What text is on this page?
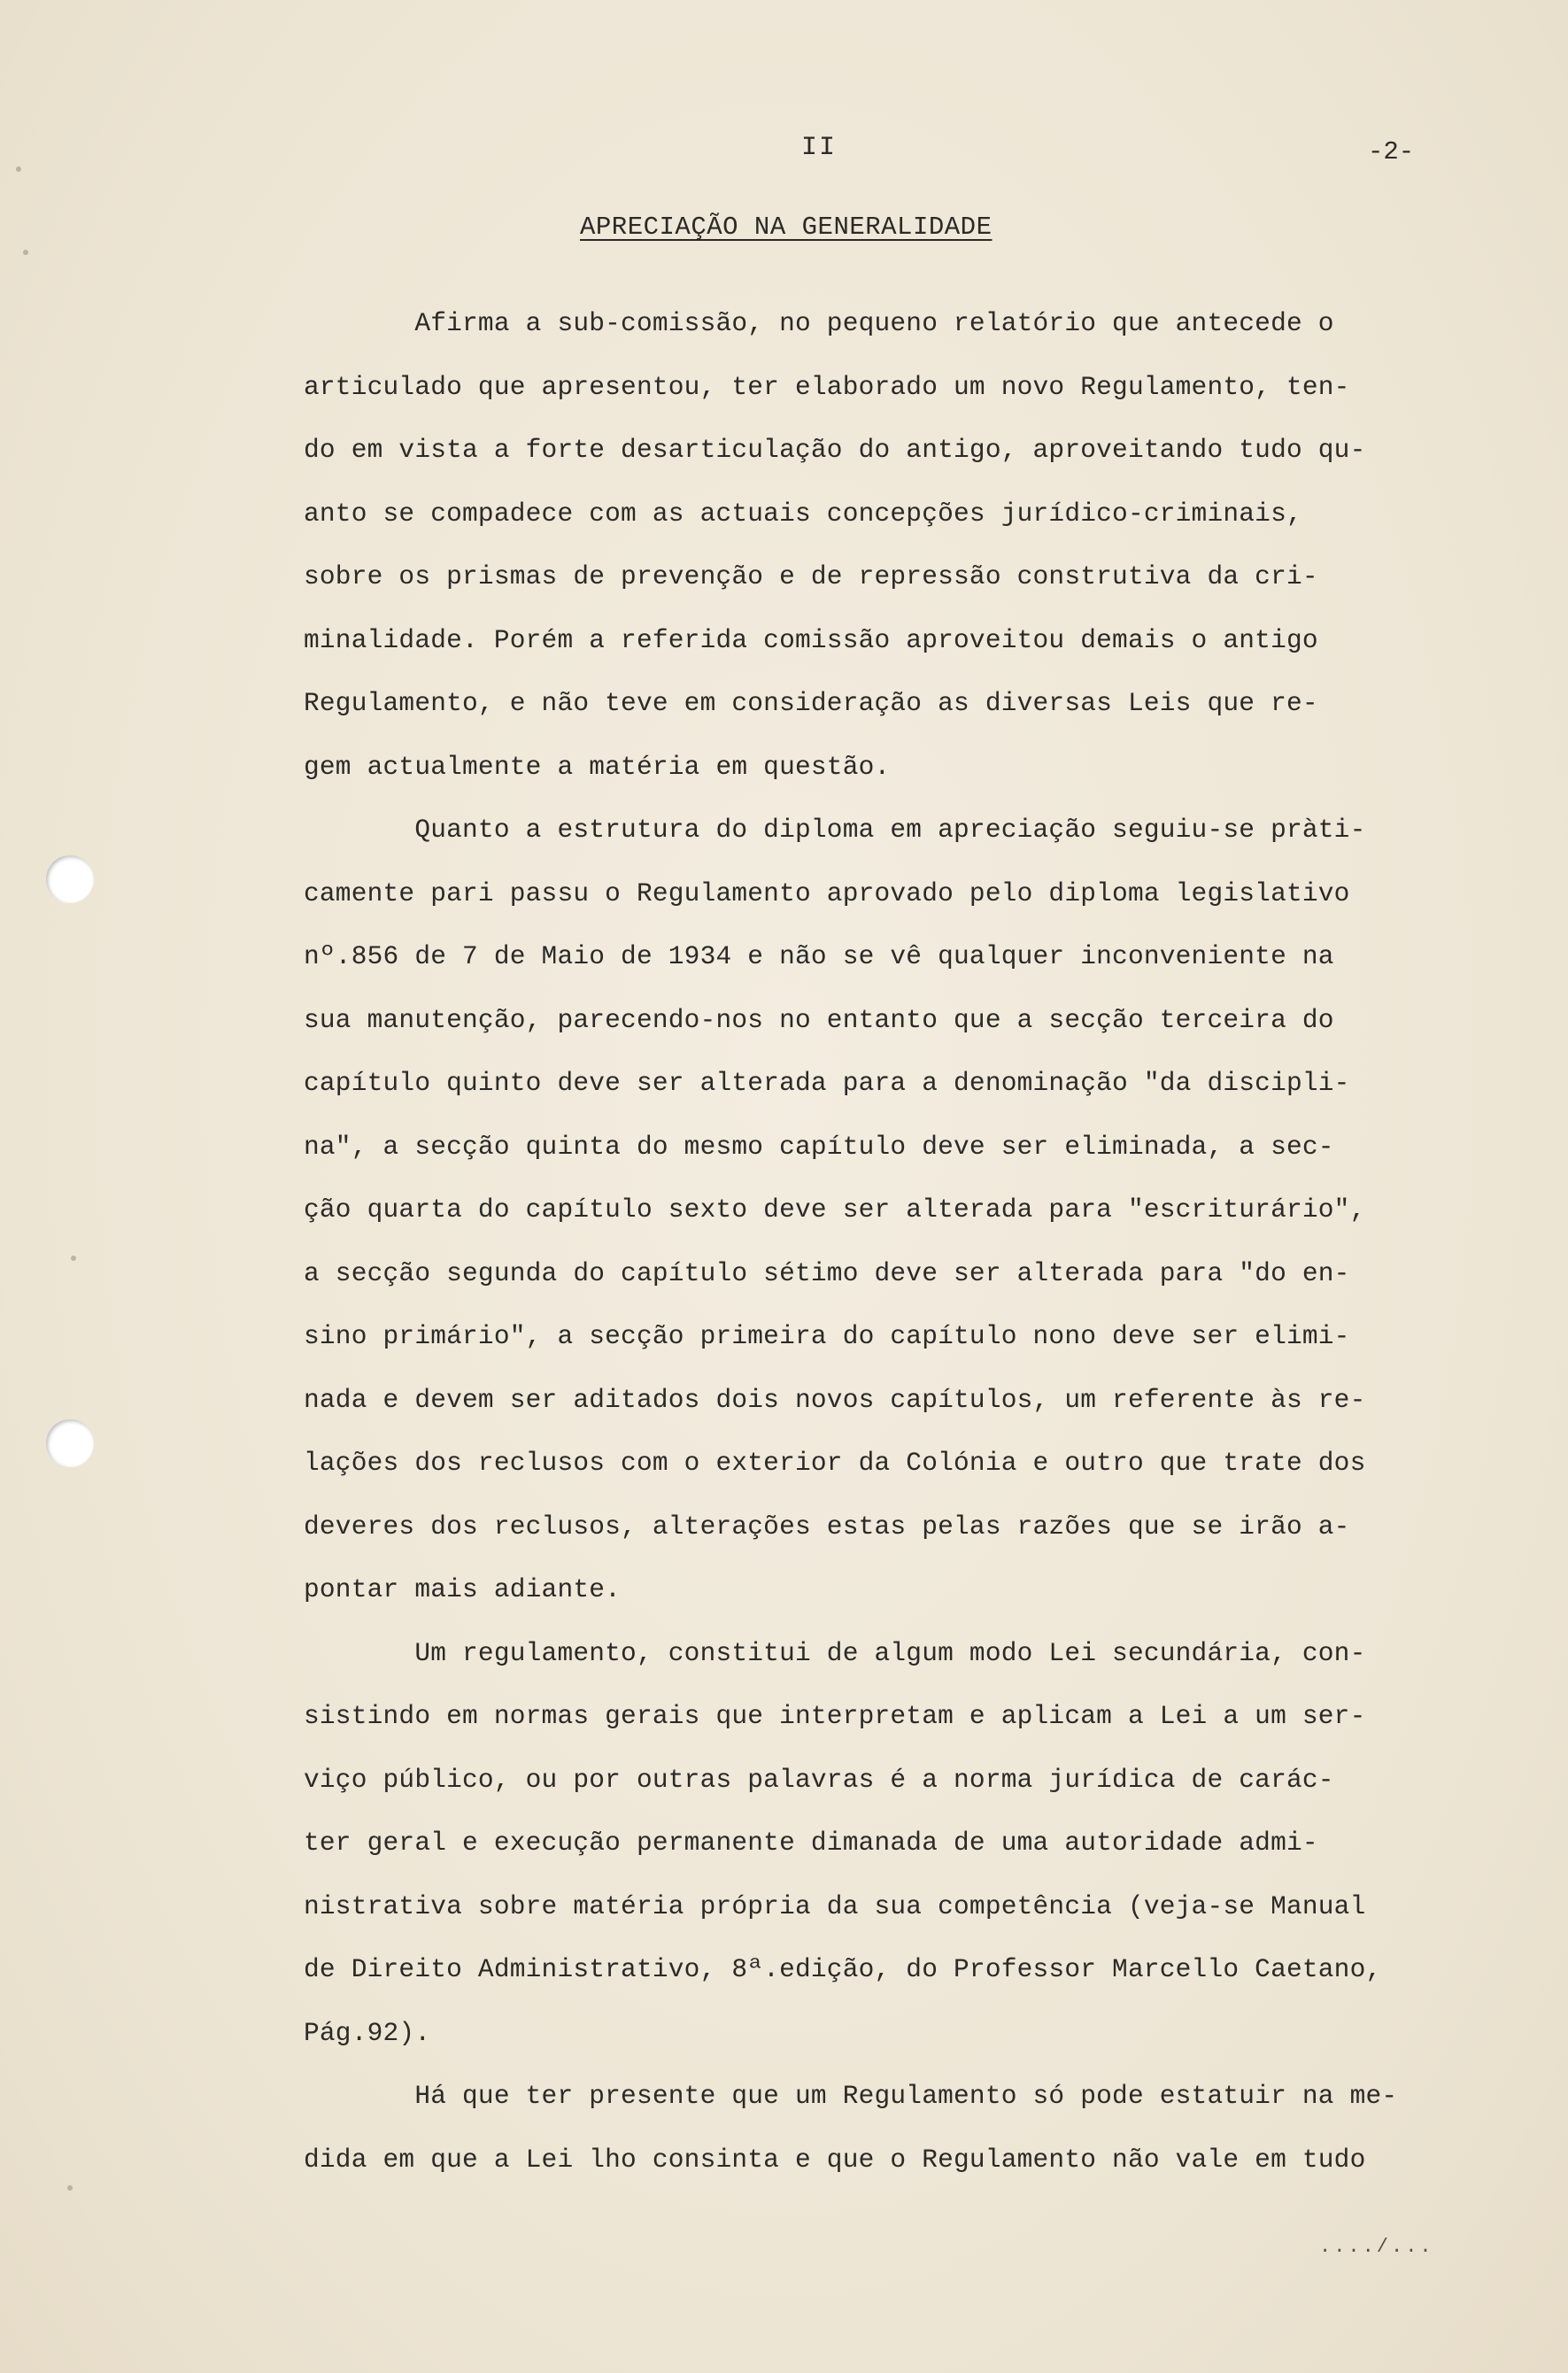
II	-2-
APRECIAÇÃO NA GENERALIDADE
Afirma a sub-comissão, no pequeno relatório que antecede o
articulado que apresentou, ter elaborado um novo Regulamento, ten-
do em vista a forte desarticulação do antigo, aproveitando tudo qu-
anto se compadece com as actuais concepções jurídico-criminais,
sobre os prismas de prevenção e de repressão construtiva da cri-
minalidade. Porém a referida comissão aproveitou demais o antigo
Regulamento, e não teve em consideração as diversas Leis que re-
gem actualmente a matéria em questão.
Quanto a estrutura do diploma em apreciação seguiu-se pràti-
camente pari passu o Regulamento aprovado pelo diploma legislativo
nº.856 de 7 de Maio de 1934 e não se vê qualquer inconveniente na
sua manutenção, parecendo-nos no entanto que a secção terceira do
capítulo quinto deve ser alterada para a denominação "da discipli-
na", a secção quinta do mesmo capítulo deve ser eliminada, a sec-
ção quarta do capítulo sexto deve ser alterada para "escriturário",
a secção segunda do capítulo sétimo deve ser alterada para "do en-
sino primário", a secção primeira do capítulo nono deve ser elimi-
nada e devem ser aditados dois novos capítulos, um referente às re-
lações dos reclusos com o exterior da Colónia e outro que trate dos
deveres dos reclusos, alterações estas pelas razões que se irão a-
pontar mais adiante.
Um regulamento, constitui de algum modo Lei secundária, con-
sistindo em normas gerais que interpretam e aplicam a Lei a um ser-
viço público, ou por outras palavras é a norma jurídica de carác-
ter geral e execução permanente dimanada de uma autoridade admi-
nistrativa sobre matéria própria da sua competência (veja-se Manual
de Direito Administrativo, 8ª.edição, do Professor Marcello Caetano,
Pág.92).
Há que ter presente que um Regulamento só pode estatuir na me-
dida em que a Lei lho consinta e que o Regulamento não vale em tudo
..../...
